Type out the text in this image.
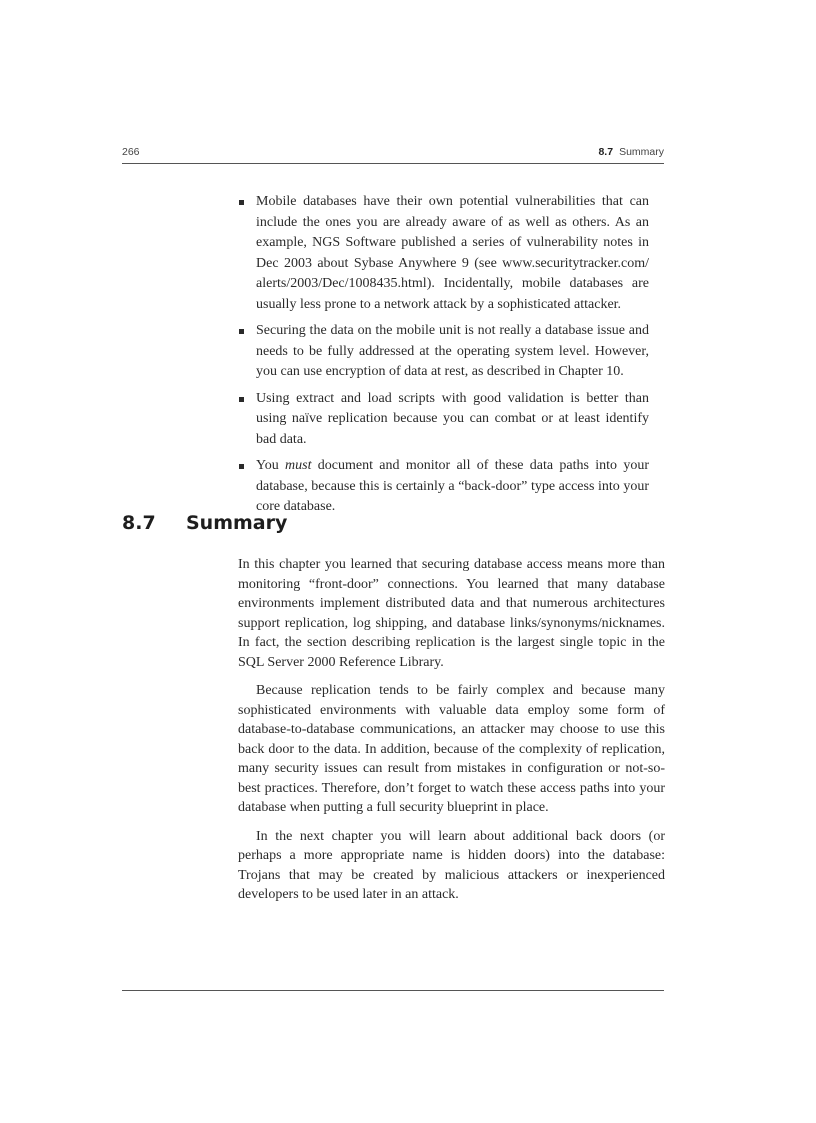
266	8.7 Summary
Mobile databases have their own potential vulnerabilities that can include the ones you are already aware of as well as others. As an example, NGS Software published a series of vulnerability notes in Dec 2003 about Sybase Anywhere 9 (see www.securitytracker.com/ alerts/2003/Dec/1008435.html). Incidentally, mobile databases are usually less prone to a network attack by a sophisticated attacker.
Securing the data on the mobile unit is not really a database issue and needs to be fully addressed at the operating system level. However, you can use encryption of data at rest, as described in Chapter 10.
Using extract and load scripts with good validation is better than using naïve replication because you can combat or at least identify bad data.
You must document and monitor all of these data paths into your database, because this is certainly a “back-door” type access into your core database.
8.7 Summary

In this chapter you learned that securing database access means more than monitoring “front-door” connections. You learned that many database environments implement distributed data and that numerous architectures support replication, log shipping, and database links/synonyms/nicknames. In fact, the section describing replication is the largest single topic in the SQL Server 2000 Reference Library.

Because replication tends to be fairly complex and because many sophisticated environments with valuable data employ some form of database-to-database communications, an attacker may choose to use this back door to the data. In addition, because of the complexity of replication, many security issues can result from mistakes in configuration or not-so-best practices. Therefore, don’t forget to watch these access paths into your database when putting a full security blueprint in place.

In the next chapter you will learn about additional back doors (or perhaps a more appropriate name is hidden doors) into the database: Trojans that may be created by malicious attackers or inexperienced developers to be used later in an attack.
